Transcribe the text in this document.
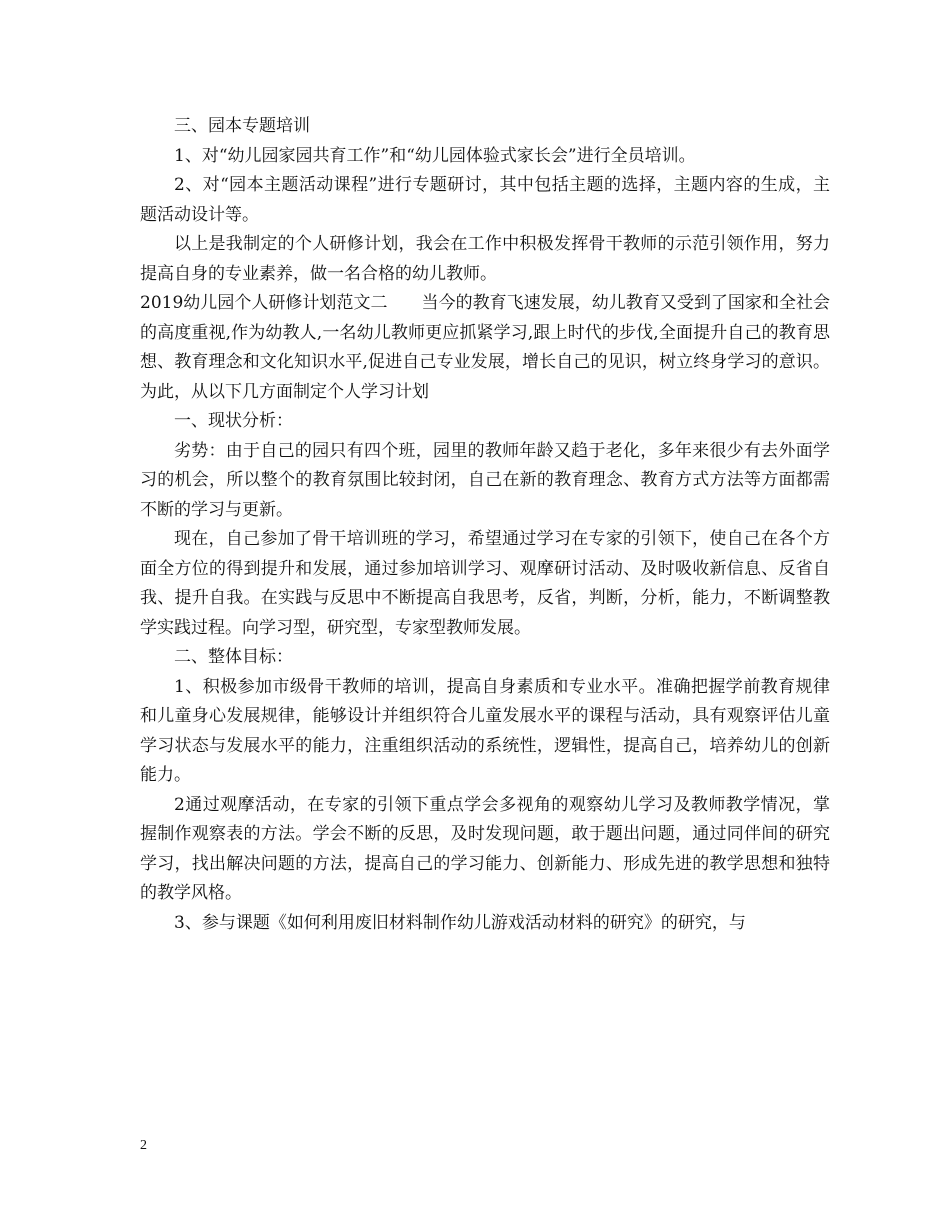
三、园本专题培训

1、对“幼儿园家园共育工作”和“幼儿园体验式家长会”进行全员培训。

2、对“园本主题活动课程”进行专题研讨，其中包括主题的选择，主题内容的生成，主题活动设计等。

以上是我制定的个人研修计划，我会在工作中积极发挥骨干教师的示范引领作用，努力提高自身的专业素养，做一名合格的幼儿教师。

2019幼儿园个人研修计划范文二　　当今的教育飞速发展，幼儿教育又受到了国家和全社会的高度重视,作为幼教人,一名幼儿教师更应抓紧学习,跟上时代的步伐,全面提升自己的教育思想、教育理念和文化知识水平,促进自己专业发展，增长自己的见识，树立终身学习的意识。为此，从以下几方面制定个人学习计划

一、现状分析：

劣势：由于自己的园只有四个班，园里的教师年龄又趋于老化，多年来很少有去外面学习的机会，所以整个的教育氛围比较封闭，自己在新的教育理念、教育方式方法等方面都需不断的学习与更新。

现在，自己参加了骨干培训班的学习，希望通过学习在专家的引领下，使自己在各个方面全方位的得到提升和发展，通过参加培训学习、观摩研讨活动、及时吸收新信息、反省自我、提升自我。在实践与反思中不断提高自我思考，反省，判断，分析，能力，不断调整教学实践过程。向学习型，研究型，专家型教师发展。

二、整体目标：

1、积极参加市级骨干教师的培训，提高自身素质和专业水平。准确把握学前教育规律和儿童身心发展规律，能够设计并组织符合儿童发展水平的课程与活动，具有观察评估儿童学习状态与发展水平的能力，注重组织活动的系统性，逻辑性，提高自己，培养幼儿的创新能力。

2通过观摩活动，在专家的引领下重点学会多视角的观察幼儿学习及教师教学情况，掌握制作观察表的方法。学会不断的反思，及时发现问题，敢于题出问题，通过同伴间的研究学习，找出解决问题的方法，提高自己的学习能力、创新能力、形成先进的教学思想和独特的教学风格。

3、参与课题《如何利用废旧材料制作幼儿游戏活动材料的研究》的研究，与

2
